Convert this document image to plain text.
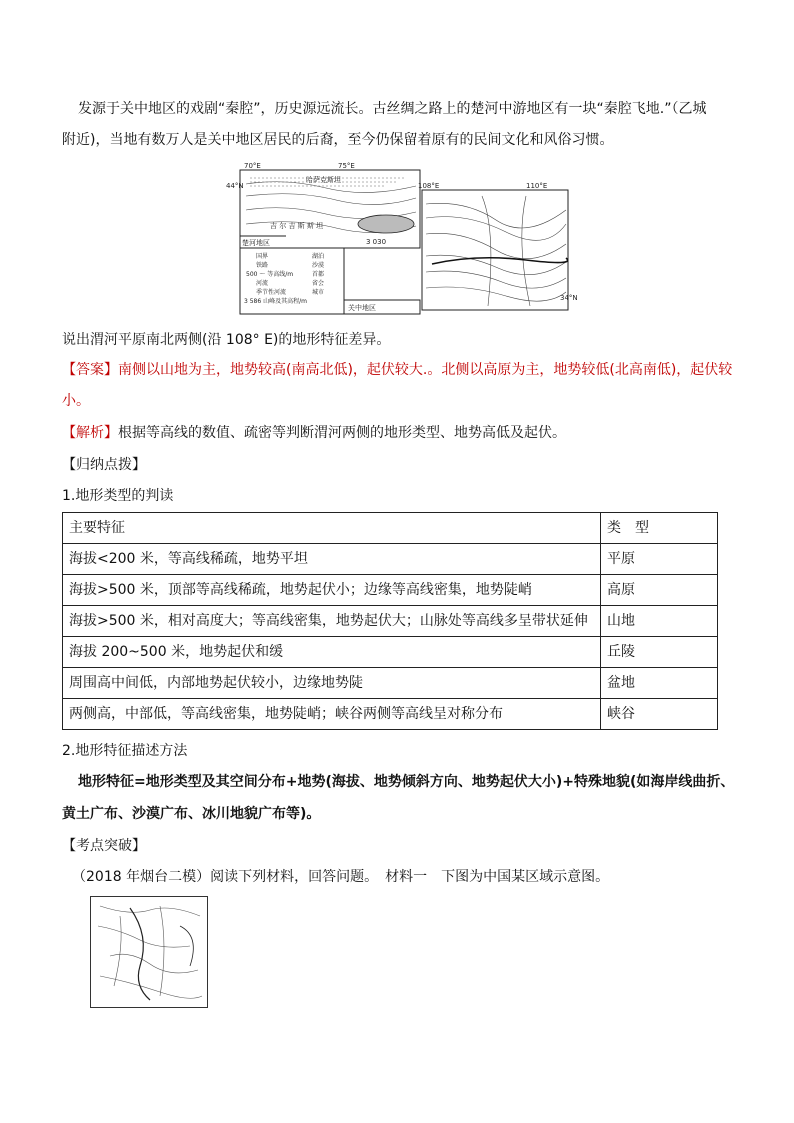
发源于关中地区的戏剧“秦腔”，历史源远流长。古丝绸之路上的楚河中游地区有一块“秦腔飞地.”（乙城
附近)，当地有数万人是关中地区居民的后裔，至今仍保留着原有的民间文化和风俗习惯。
70°E	75°E
44°N
哈萨克斯坦
吉 尔 吉 斯 斯 坦
3 030
楚河地区
108°E	110°E
34°N
国界
铁路
500 ～ 等高线/m
河流
季节性河流
3 586 山峰及其高程/m
湖泊
沙漠
首都
省会
城市
关中地区
说出渭河平原南北两侧(沿 108° E)的地形特征差异。
【答案】南侧以山地为主，地势较高(南高北低)，起伏较大.。北侧以高原为主，地势较低(北高南低)，起伏较
小。
【解析】根据等高线的数值、疏密等判断渭河两侧的地形类型、地势高低及起伏。
【归纳点拨】
1.地形类型的判读
主要特征	类　型
海拔<200 米，等高线稀疏，地势平坦	平原
海拔>500 米，顶部等高线稀疏，地势起伏小；边缘等高线密集，地势陡峭	高原
海拔>500 米，相对高度大；等高线密集，地势起伏大；山脉处等高线多呈带状延伸	山地
海拔 200~500 米，地势起伏和缓	丘陵
周围高中间低，内部地势起伏较小，边缘地势陡	盆地
两侧高，中部低，等高线密集，地势陡峭；峡谷两侧等高线呈对称分布	峡谷
2.地形特征描述方法
地形特征=地形类型及其空间分布+地势(海拔、地势倾斜方向、地势起伏大小)+特殊地貌(如海岸线曲折、
黄土广布、沙漠广布、冰川地貌广布等)。
【考点突破】
（2018 年烟台二模）阅读下列材料，回答问题。　材料一　下图为中国某区域示意图。
